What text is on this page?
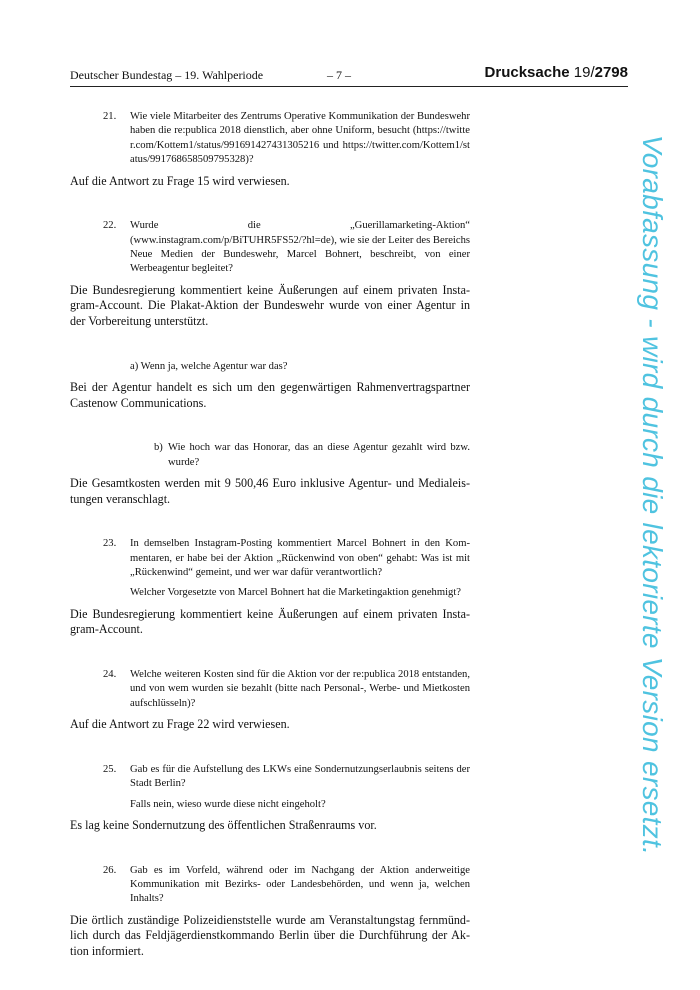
Deutscher Bundestag – 19. Wahlperiode	– 7 –	Drucksache 19/2798
21. Wie viele Mitarbeiter des Zentrums Operative Kommunikation der Bundeswehr haben die re:publica 2018 dienstlich, aber ohne Uniform, besucht (https://twitter.com/Kottem1/status/991691427431305216 und https://twitter.com/Kottem1/status/991768658509795328)?

Auf die Antwort zu Frage 15 wird verwiesen.

22. Wurde die „Guerillamarketing-Aktion“ (www.instagram.com/p/BiTUHR5FS52/?hl=de), wie sie der Leiter des Bereichs Neue Medien der Bundeswehr, Marcel Bohnert, beschreibt, von einer Werbeagentur begleitet?

Die Bundesregierung kommentiert keine Äußerungen auf einem privaten Instagram-Account. Die Plakat-Aktion der Bundeswehr wurde von einer Agentur in der Vorbereitung unterstützt.

a) Wenn ja, welche Agentur war das?

Bei der Agentur handelt es sich um den gegenwärtigen Rahmenvertragspartner Castenow Communications.

b) Wie hoch war das Honorar, das an diese Agentur gezahlt wird bzw. wurde?

Die Gesamtkosten werden mit 9 500,46 Euro inklusive Agentur- und Medialeistungen veranschlagt.

23. In demselben Instagram-Posting kommentiert Marcel Bohnert in den Kommentaren, er habe bei der Aktion „Rückenwind von oben“ gehabt: Was ist mit „Rückenwind“ gemeint, und wer war dafür verantwortlich?

Welcher Vorgesetzte von Marcel Bohnert hat die Marketingaktion genehmigt?

Die Bundesregierung kommentiert keine Äußerungen auf einem privaten Instagram-Account.

24. Welche weiteren Kosten sind für die Aktion vor der re:publica 2018 entstanden, und von wem wurden sie bezahlt (bitte nach Personal-, Werbe- und Mietkosten aufschlüsseln)?

Auf die Antwort zu Frage 22 wird verwiesen.

25. Gab es für die Aufstellung des LKWs eine Sondernutzungserlaubnis seitens der Stadt Berlin?

Falls nein, wieso wurde diese nicht eingeholt?

Es lag keine Sondernutzung des öffentlichen Straßenraums vor.

26. Gab es im Vorfeld, während oder im Nachgang der Aktion anderweitige Kommunikation mit Bezirks- oder Landesbehörden, und wenn ja, welchen Inhalts?

Die örtlich zuständige Polizeidienststelle wurde am Veranstaltungstag fernmündlich durch das Feldjägerdienstkommando Berlin über die Durchführung der Aktion informiert.

Vorabfassung - wird durch die lektorierte Version ersetzt.
